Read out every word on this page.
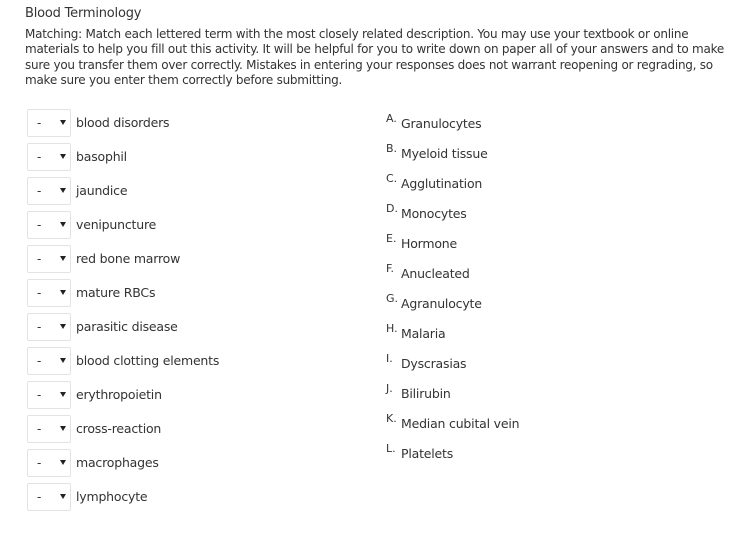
Blood Terminology
Matching: Match each lettered term with the most closely related description. You may use your textbook or online materials to help you fill out this activity. It will be helpful for you to write down on paper all of your answers and to make sure you transfer them over correctly. Mistakes in entering your responses does not warrant reopening or regrading, so make sure you enter them correctly before submitting.
-	blood disorders
-	basophil
-	jaundice
-	venipuncture
-	red bone marrow
-	mature RBCs
-	parasitic disease
-	blood clotting elements
-	erythropoietin
-	cross-reaction
-	macrophages
-	lymphocyte
A. Granulocytes
B. Myeloid tissue
C. Agglutination
D. Monocytes
E. Hormone
F. Anucleated
G. Agranulocyte
H. Malaria
I. Dyscrasias
J. Bilirubin
K. Median cubital vein
L. Platelets
